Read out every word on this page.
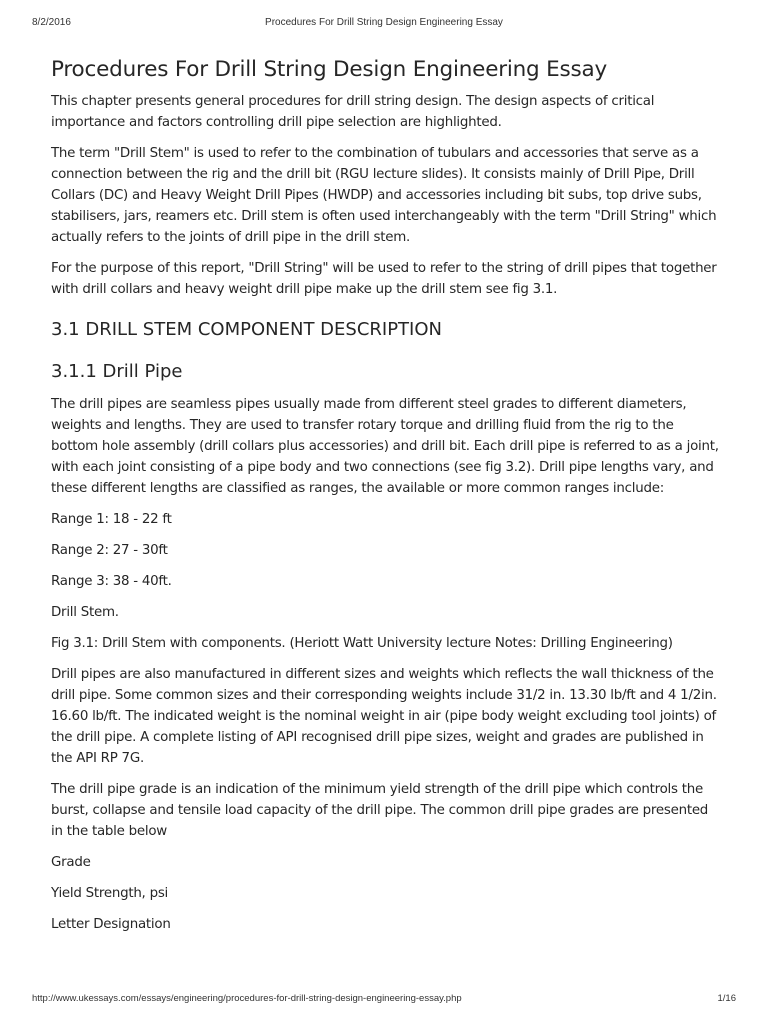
8/2/2016	Procedures For Drill String Design Engineering Essay
Procedures For Drill String Design Engineering Essay

This chapter presents general procedures for drill string design. The design aspects of critical importance and factors controlling drill pipe selection are highlighted.

The term "Drill Stem" is used to refer to the combination of tubulars and accessories that serve as a connection between the rig and the drill bit (RGU lecture slides). It consists mainly of Drill Pipe, Drill Collars (DC) and Heavy Weight Drill Pipes (HWDP) and accessories including bit subs, top drive subs, stabilisers, jars, reamers etc. Drill stem is often used interchangeably with the term "Drill String" which actually refers to the joints of drill pipe in the drill stem.

For the purpose of this report, "Drill String" will be used to refer to the string of drill pipes that together with drill collars and heavy weight drill pipe make up the drill stem see fig 3.1.

3.1 DRILL STEM COMPONENT DESCRIPTION
3.1.1 Drill Pipe

The drill pipes are seamless pipes usually made from different steel grades to different diameters, weights and lengths. They are used to transfer rotary torque and drilling fluid from the rig to the bottom hole assembly (drill collars plus accessories) and drill bit. Each drill pipe is referred to as a joint, with each joint consisting of a pipe body and two connections (see fig 3.2). Drill pipe lengths vary, and these different lengths are classified as ranges, the available or more common ranges include:

Range 1: 18 - 22 ft

Range 2: 27 - 30ft

Range 3: 38 - 40ft.

Drill Stem.

Fig 3.1: Drill Stem with components. (Heriott Watt University lecture Notes: Drilling Engineering)

Drill pipes are also manufactured in different sizes and weights which reflects the wall thickness of the drill pipe. Some common sizes and their corresponding weights include 31/2 in. 13.30 lb/ft and 4 1/2in. 16.60 lb/ft. The indicated weight is the nominal weight in air (pipe body weight excluding tool joints) of the drill pipe. A complete listing of API recognised drill pipe sizes, weight and grades are published in the API RP 7G.

The drill pipe grade is an indication of the minimum yield strength of the drill pipe which controls the burst, collapse and tensile load capacity of the drill pipe. The common drill pipe grades are presented in the table below

Grade

Yield Strength, psi

Letter Designation

http://www.ukessays.com/essays/engineering/procedures-for-drill-string-design-engineering-essay.php	1/16
